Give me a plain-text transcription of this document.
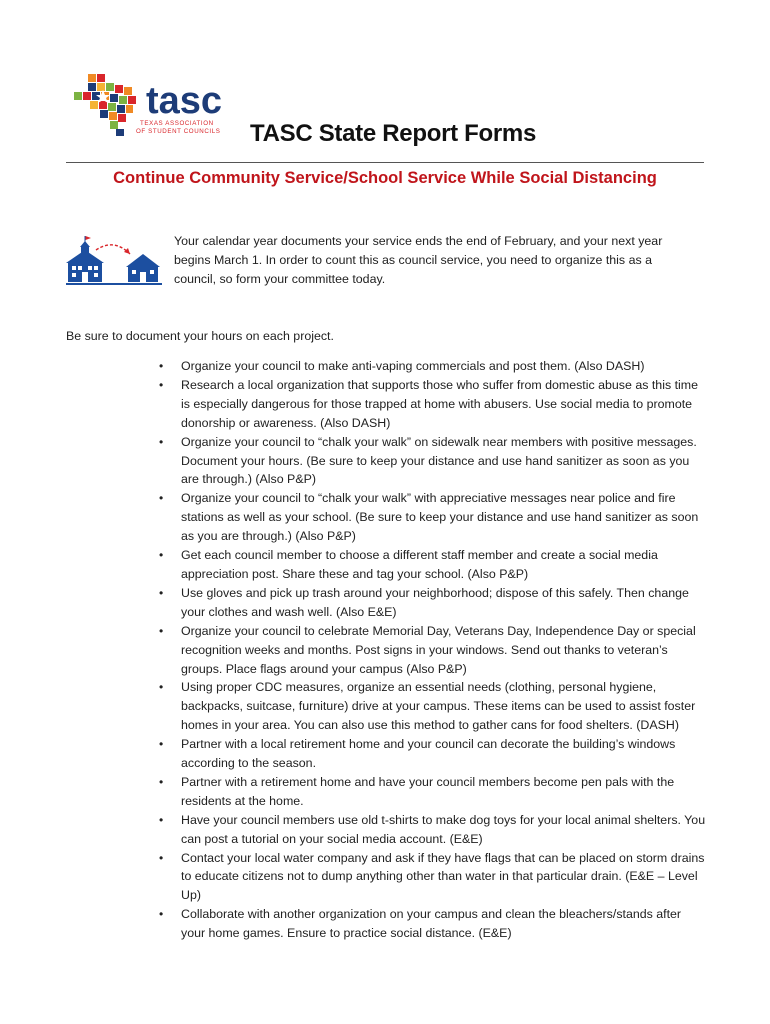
tasc
TEXAS ASSOCIATION
OF STUDENT COUNCILS TASC State Report Forms
Continue Community Service/School Service While Social Distancing
Your calendar year documents your service ends the end of February, and your next year begins March 1. In order to count this as council service, you need to organize this as a council, so form your committee today.
Be sure to document your hours on each project.
• Organize your council to make anti-vaping commercials and post them. (Also DASH)
• Research a local organization that supports those who suffer from domestic abuse as this time is especially dangerous for those trapped at home with abusers. Use social media to promote donorship or awareness. (Also DASH)
• Organize your council to “chalk your walk” on sidewalk near members with positive messages. Document your hours. (Be sure to keep your distance and use hand sanitizer as soon as you are through.) (Also P&P)
• Organize your council to “chalk your walk” with appreciative messages near police and fire stations as well as your school. (Be sure to keep your distance and use hand sanitizer as soon as you are through.) (Also P&P)
• Get each council member to choose a different staff member and create a social media appreciation post. Share these and tag your school. (Also P&P)
• Use gloves and pick up trash around your neighborhood; dispose of this safely. Then change your clothes and wash well. (Also E&E)
• Organize your council to celebrate Memorial Day, Veterans Day, Independence Day or special recognition weeks and months. Post signs in your windows. Send out thanks to veteran’s groups. Place flags around your campus (Also P&P)
• Using proper CDC measures, organize an essential needs (clothing, personal hygiene, backpacks, suitcase, furniture) drive at your campus. These items can be used to assist foster homes in your area. You can also use this method to gather cans for food shelters. (DASH)
• Partner with a local retirement home and your council can decorate the building’s windows according to the season.
• Partner with a retirement home and have your council members become pen pals with the residents at the home.
• Have your council members use old t-shirts to make dog toys for your local animal shelters. You can post a tutorial on your social media account. (E&E)
• Contact your local water company and ask if they have flags that can be placed on storm drains to educate citizens not to dump anything other than water in that particular drain. (E&E – Level Up)
• Collaborate with another organization on your campus and clean the bleachers/stands after your home games. Ensure to practice social distance. (E&E)
